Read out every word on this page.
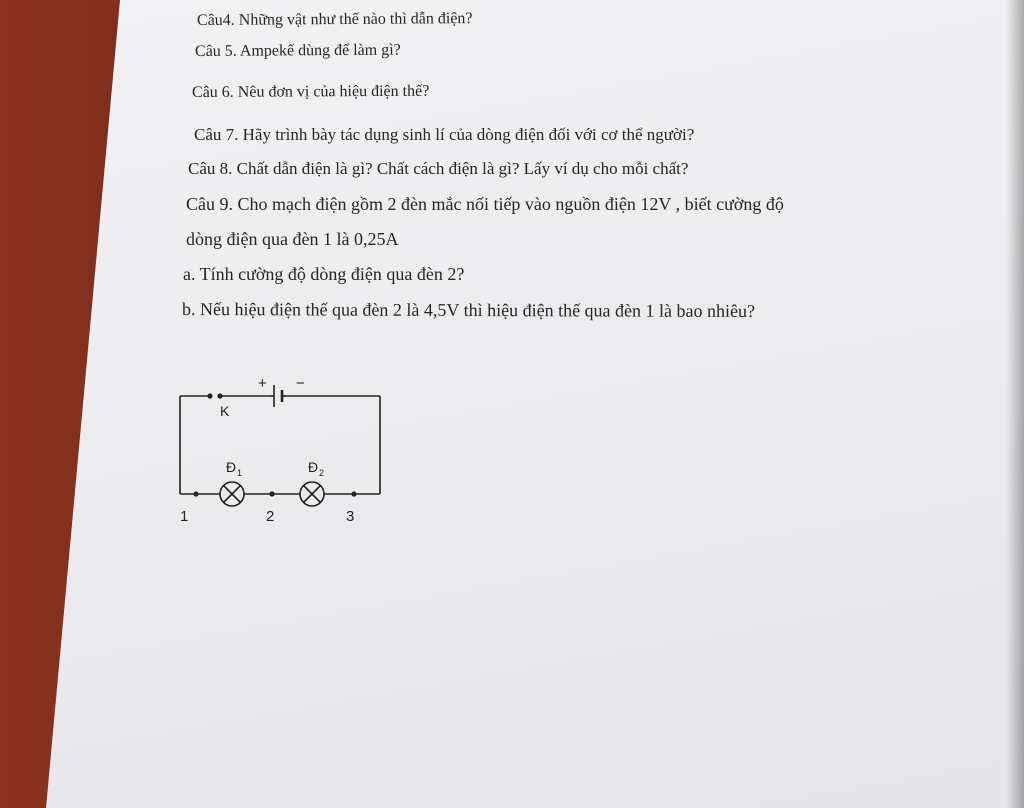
Câu4. Những vật như thế nào thì dẫn điện?

Câu 5. Ampekế dùng để làm gì?

Câu 6. Nêu đơn vị của hiệu điện thế?

Câu 7. Hãy trình bày tác dụng sinh lí của dòng điện đối với cơ thể người?

Câu 8. Chất dẫn điện là gì? Chất cách điện là gì? Lấy ví dụ cho mỗi chất?

Câu 9. Cho mạch điện gồm 2 đèn mắc nối tiếp vào nguồn điện 12V , biết cường độ

dòng điện qua đèn 1 là 0,25A

a. Tính cường độ dòng điện qua đèn 2?

b. Nếu hiệu điện thế qua đèn 2 là 4,5V thì hiệu điện thế qua đèn 1 là bao nhiêu?

+ −
K
Đ 1	Đ 2
1	2	3
